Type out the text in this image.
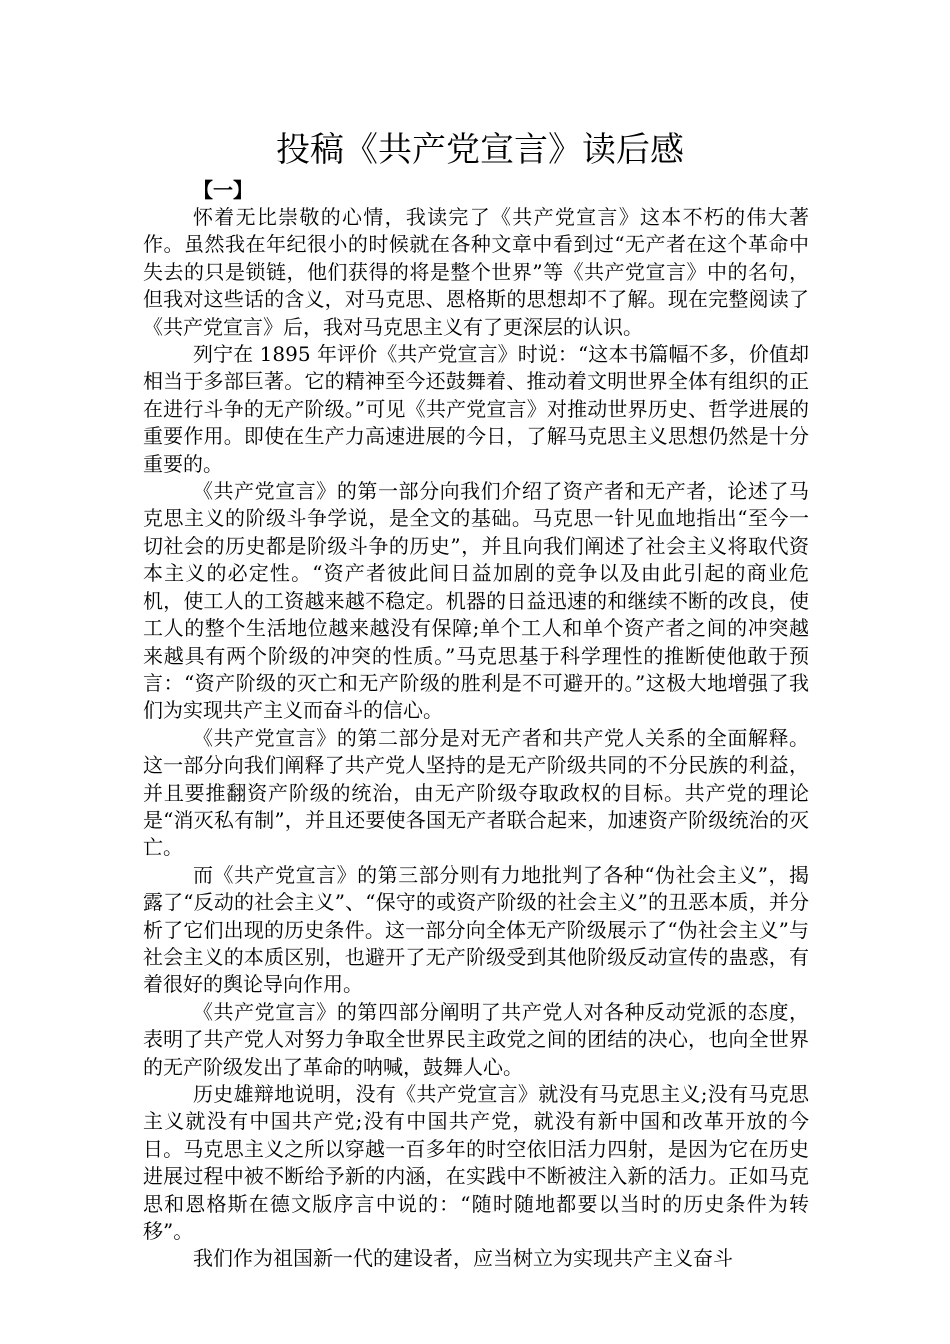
投稿《共产党宣言》读后感
【一】

怀着无比崇敬的心情，我读完了《共产党宣言》这本不朽的伟大著作。虽然我在年纪很小的时候就在各种文章中看到过“无产者在这个革命中失去的只是锁链，他们获得的将是整个世界”等《共产党宣言》中的名句，但我对这些话的含义，对马克思、恩格斯的思想却不了解。现在完整阅读了《共产党宣言》后，我对马克思主义有了更深层的认识。

列宁在 1895 年评价《共产党宣言》时说：“这本书篇幅不多，价值却相当于多部巨著。它的精神至今还鼓舞着、推动着文明世界全体有组织的正在进行斗争的无产阶级。”可见《共产党宣言》对推动世界历史、哲学进展的重要作用。即使在生产力高速进展的今日，了解马克思主义思想仍然是十分重要的。

《共产党宣言》的第一部分向我们介绍了资产者和无产者，论述了马克思主义的阶级斗争学说，是全文的基础。马克思一针见血地指出“至今一切社会的历史都是阶级斗争的历史”，并且向我们阐述了社会主义将取代资本主义的必定性。“资产者彼此间日益加剧的竞争以及由此引起的商业危机，使工人的工资越来越不稳定。机器的日益迅速的和继续不断的改良，使工人的整个生活地位越来越没有保障;单个工人和单个资产者之间的冲突越来越具有两个阶级的冲突的性质。”马克思基于科学理性的推断使他敢于预言：“资产阶级的灭亡和无产阶级的胜利是不可避开的。”这极大地增强了我们为实现共产主义而奋斗的信心。

《共产党宣言》的第二部分是对无产者和共产党人关系的全面解释。这一部分向我们阐释了共产党人坚持的是无产阶级共同的不分民族的利益，并且要推翻资产阶级的统治，由无产阶级夺取政权的目标。共产党的理论是“消灭私有制”，并且还要使各国无产者联合起来，加速资产阶级统治的灭亡。

而《共产党宣言》的第三部分则有力地批判了各种“伪社会主义”，揭露了“反动的社会主义”、“保守的或资产阶级的社会主义”的丑恶本质，并分析了它们出现的历史条件。这一部分向全体无产阶级展示了“伪社会主义”与社会主义的本质区别，也避开了无产阶级受到其他阶级反动宣传的蛊惑，有着很好的舆论导向作用。

《共产党宣言》的第四部分阐明了共产党人对各种反动党派的态度，表明了共产党人对努力争取全世界民主政党之间的团结的决心，也向全世界的无产阶级发出了革命的呐喊，鼓舞人心。

历史雄辩地说明，没有《共产党宣言》就没有马克思主义;没有马克思主义就没有中国共产党;没有中国共产党，就没有新中国和改革开放的今日。马克思主义之所以穿越一百多年的时空依旧活力四射，是因为它在历史进展过程中被不断给予新的内涵，在实践中不断被注入新的活力。正如马克思和恩格斯在德文版序言中说的：“随时随地都要以当时的历史条件为转移”。

我们作为祖国新一代的建设者，应当树立为实现共产主义奋斗
